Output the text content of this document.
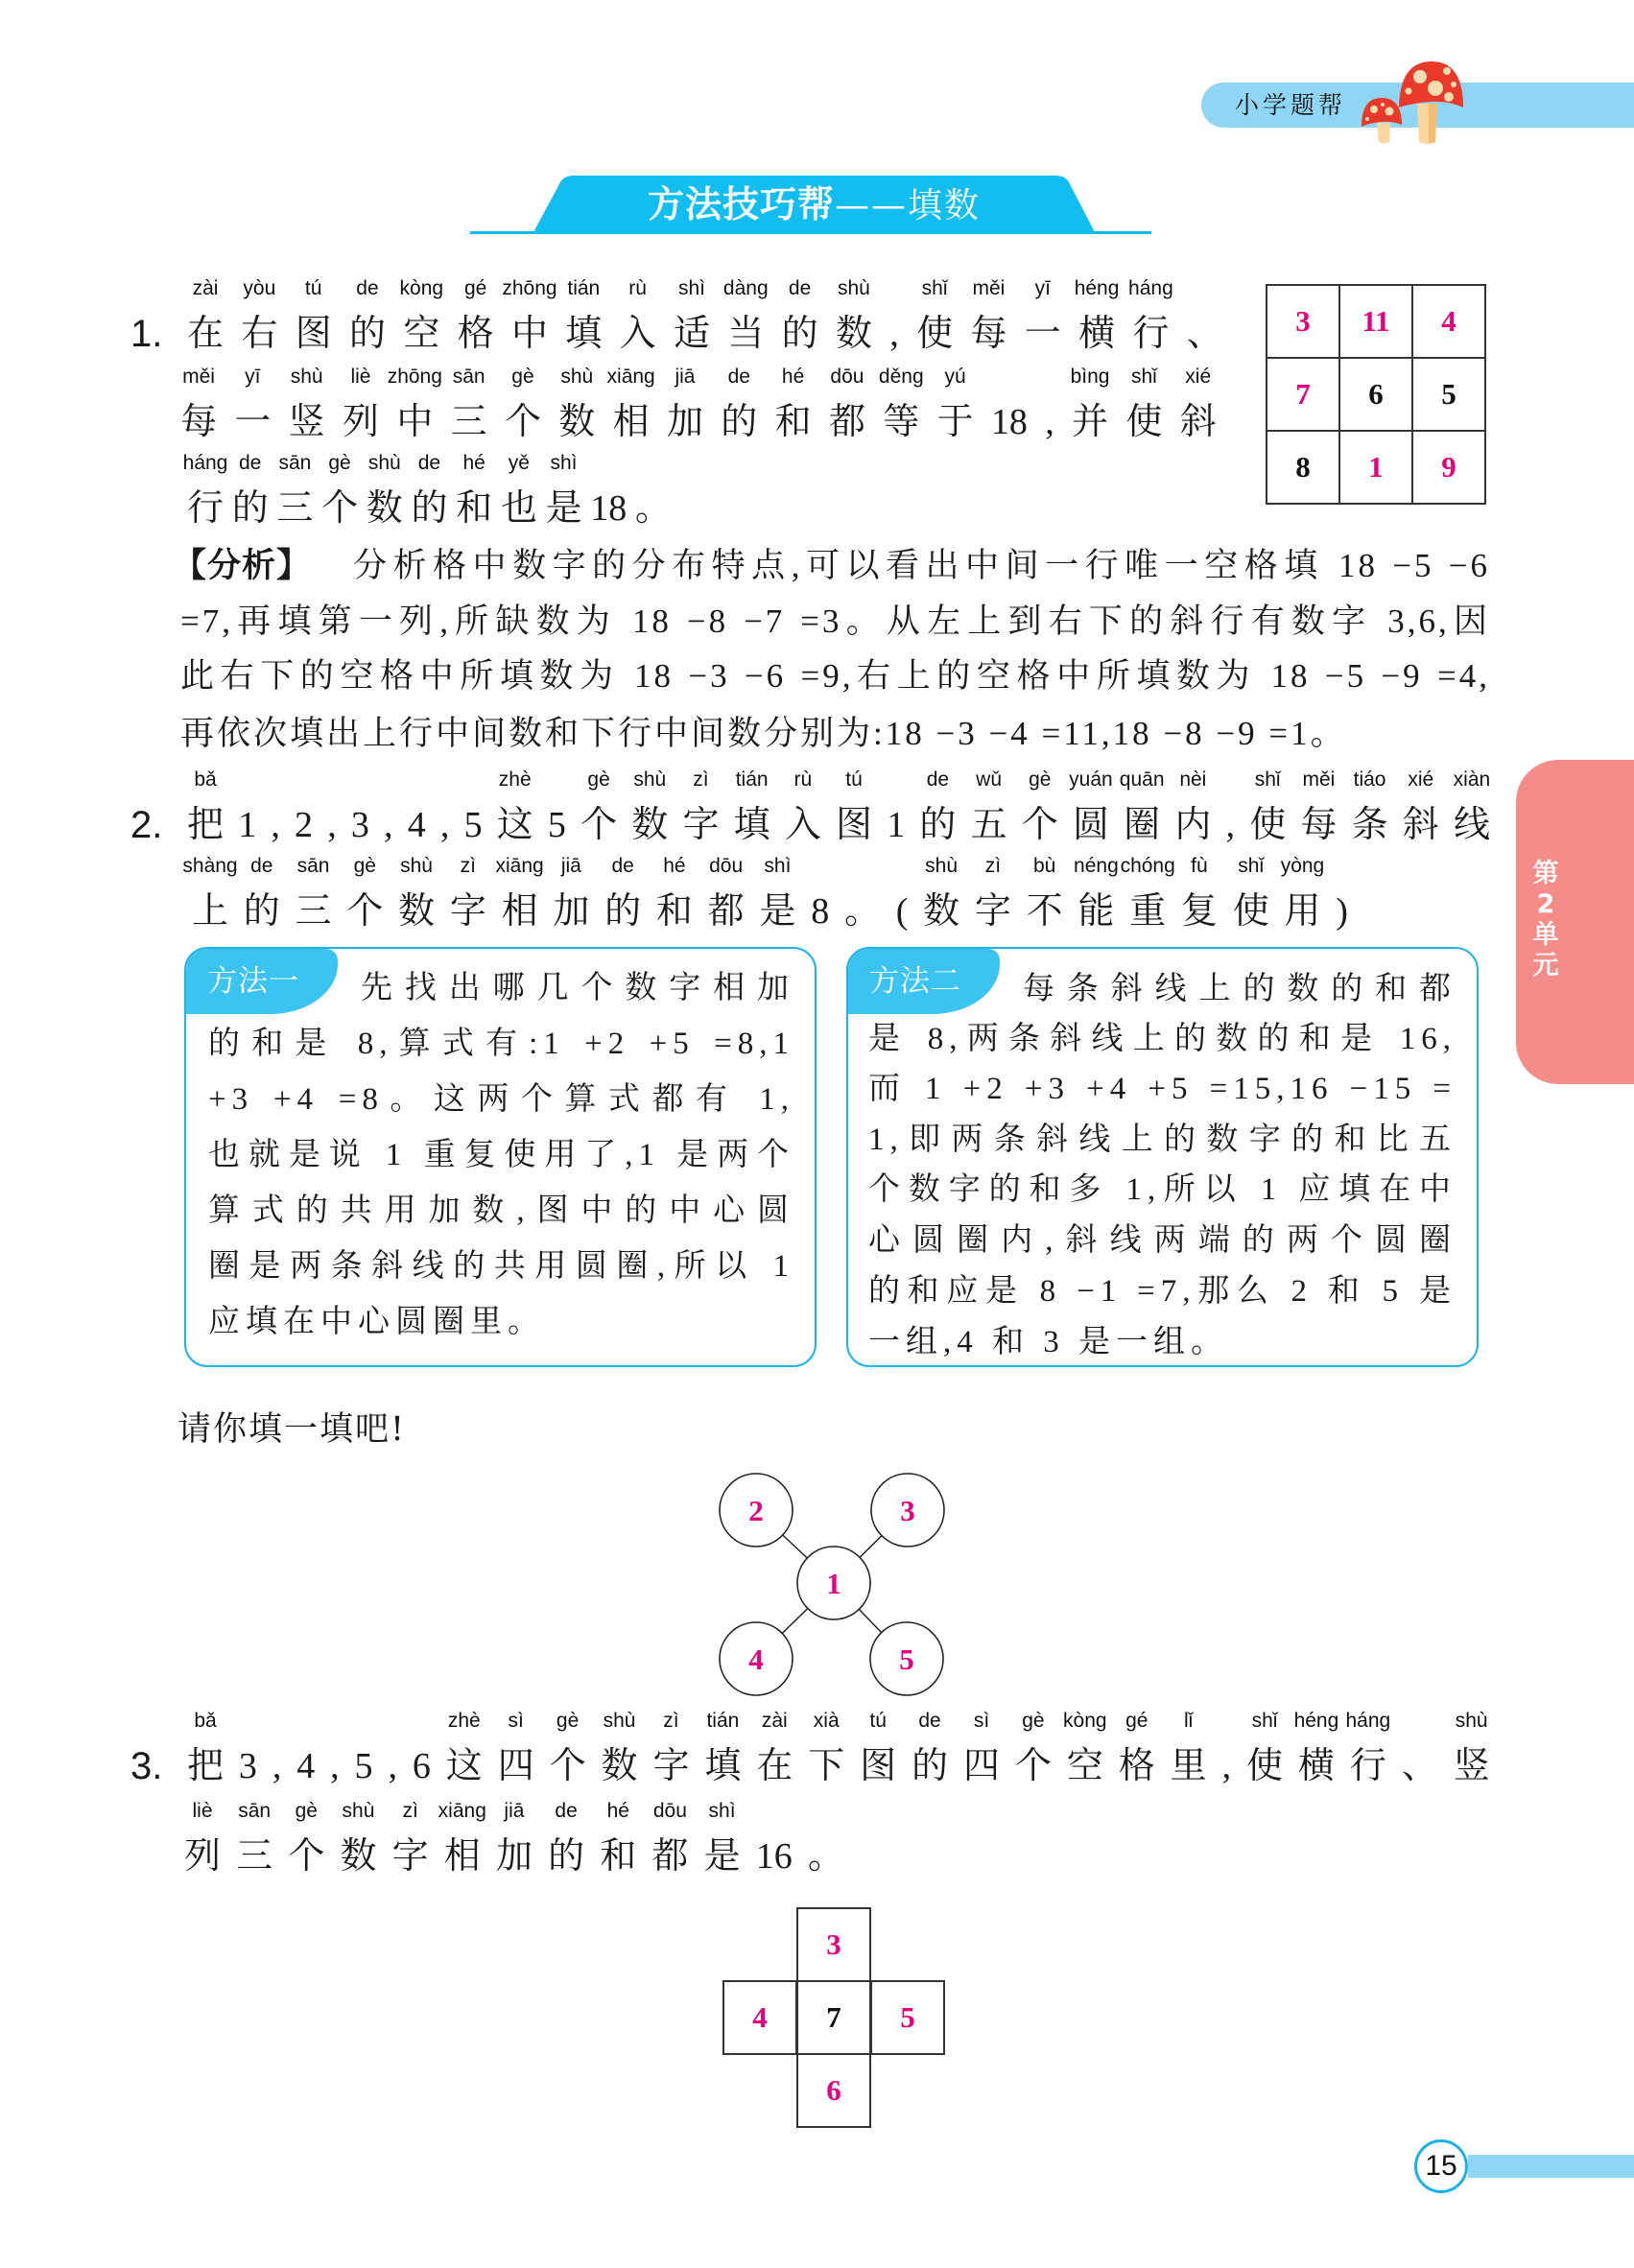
小学题帮
方法技巧帮——填数
第
2
单
元
1.
zài
在
yòu
右
tú
图
de
的
kòng
空
gé
格
zhōng
中
tián
填
rù
入
shì
适
dàng
当
de
的
shù
数 ,
shǐ
使
měi
每
yī
一
héng
横
háng
行 、
měi
每
yī
一
shù
竖
liè
列
zhōng
中
sān
三
gè
个
shù
数
xiāng
相
jiā
加
de
的
hé
和
dōu
都
děng
等
yú
于 18 ,
bìng
并
shǐ
使
xié
斜
háng
行
de
的
sān
三
gè
个
shù
数
de
的
hé
和
yě
也
shì
是 18 。
3	11	4
7	6	5
8	1	9
【分析】 分析格中数字的分布特点,可以看出中间一行唯一空格填 18 −5 −6
=7,再填第一列,所缺数为 18 −8 −7 =3。从左上到右下的斜行有数字 3,6,因
此右下的空格中所填数为 18 −3 −6 =9,右上的空格中所填数为 18 −5 −9 =4,
再依次填出上行中间数和下行中间数分别为:18 −3 −4 =11,18 −8 −9 =1。
2.
bǎ
把 1 , 2 , 3 , 4 , 5
zhè
这 5
gè
个
shù
数
zì
字
tián
填
rù
入
tú
图 1
de
的
wǔ
五
gè
个
yuán
圆
quān
圈
nèi
内 ,
shǐ
使
měi
每
tiáo
条
xié
斜
xiàn
线
shàng
上
de
的
sān
三
gè
个
shù
数
zì
字
xiāng
相
jiā
加
de
的
hé
和
dōu
都
shì
是 8 。 (
shù
数
zì
字
bù
不
néng
能
chóng
重
fù
复
shǐ
使
yòng
用 )
方法一 先找出哪几个数字相加
的和是 8,算式有:1 +2 +5 =8,1
+3 +4 =8。这两个算式都有 1,
也就是说 1 重复使用了,1 是两个
算式的共用加数,图中的中心圆
圈是两条斜线的共用圆圈,所以 1
应填在中心圆圈里。
方法二 每条斜线上的数的和都
是 8,两条斜线上的数的和是 16,
而 1 +2 +3 +4 +5 =15,16 −15 =
1,即两条斜线上的数字的和比五
个数字的和多 1,所以 1 应填在中
心圆圈内,斜线两端的两个圆圈
的和应是 8 −1 =7,那么 2 和 5 是
一组,4 和 3 是一组。
请你填一填吧!
2	3
1
4	5
3.
bǎ
把 3 , 4 , 5 , 6
zhè
这
sì
四
gè
个
shù
数
zì
字
tián
填
zài
在
xià
下
tú
图
de
的
sì
四
gè
个
kòng
空
gé
格
lǐ
里 ,
shǐ
使
héng
横
háng
行 、
shù
竖
liè
列
sān
三
gè
个
shù
数
zì
字
xiāng
相
jiā
加
de
的
hé
和
dōu
都
shì
是 16 。
3
4	7	5
6
15
